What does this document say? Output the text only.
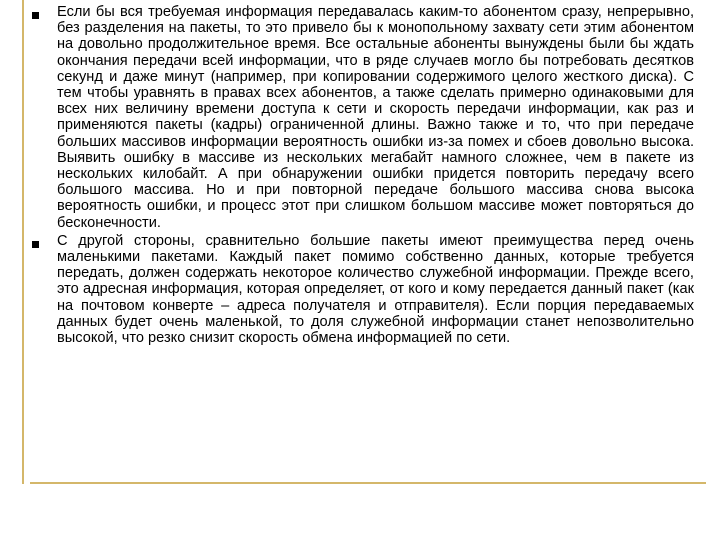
Если бы вся требуемая информация передавалась каким-то абонентом сразу, непрерывно, без разделения на пакеты, то это привело бы к монопольному захвату сети этим абонентом на довольно продолжительное время. Все остальные абоненты вынуждены были бы ждать окончания передачи всей информации, что в ряде случаев могло бы потребовать десятков секунд и даже минут (например, при копировании содержимого целого жесткого диска). С тем чтобы уравнять в правах всех абонентов, а также сделать примерно одинаковыми для всех них величину времени доступа к сети и скорость передачи информации, как раз и применяются пакеты (кадры) ограниченной длины. Важно также и то, что при передаче больших массивов информации вероятность ошибки из-за помех и сбоев довольно высока. Выявить ошибку в массиве из нескольких мегабайт намного сложнее, чем в пакете из нескольких килобайт. А при обнаружении ошибки придется повторить передачу всего большого массива. Но и при повторной передаче большого массива снова высока вероятность ошибки, и процесс этот при слишком большом массиве может повторяться до бесконечности.
С другой стороны, сравнительно большие пакеты имеют преимущества перед очень маленькими пакетами. Каждый пакет помимо собственно данных, которые требуется передать, должен содержать некоторое количество служебной информации. Прежде всего, это адресная информация, которая определяет, от кого и кому передается данный пакет (как на почтовом конверте – адреса получателя и отправителя). Если порция передаваемых данных будет очень маленькой, то доля служебной информации станет непозволительно высокой, что резко снизит скорость обмена информацией по сети.
